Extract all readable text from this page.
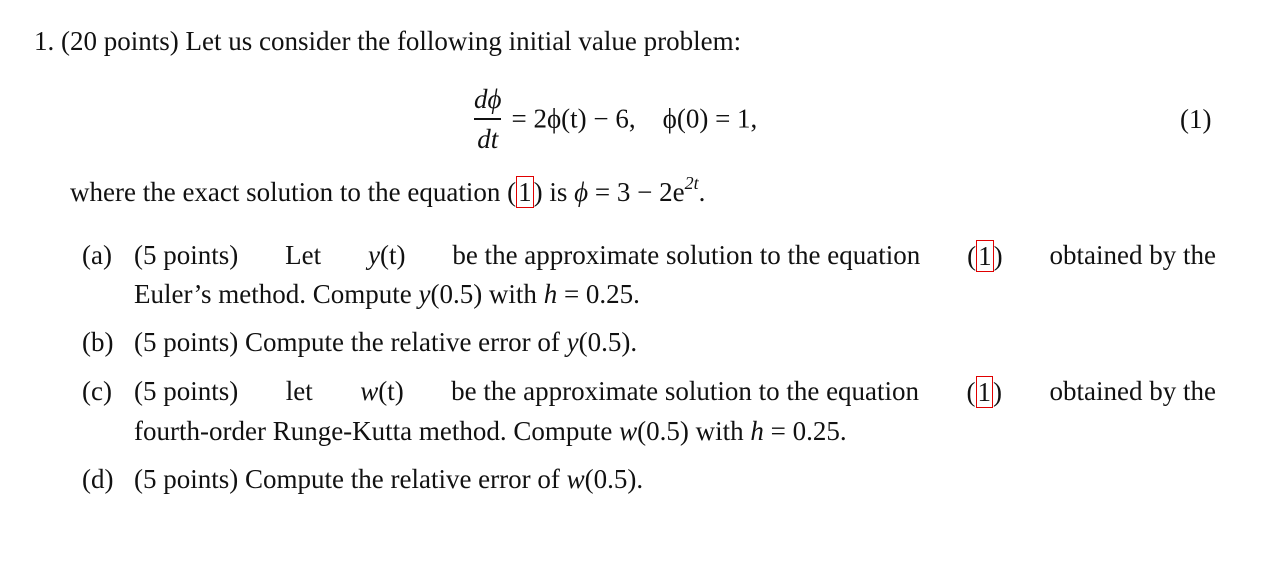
1. (20 points) Let us consider the following initial value problem:
$\frac{d\phi}{dt} = 2\phi(t) - 6$,    ϕ(0) = 1,	(1)
where the exact solution to the equation (1) is $\phi = 3 - 2e^{2t}$.
(a) (5 points) Let y(t) be the approximate solution to the equation (1) obtained by the
Euler’s method. Compute y(0.5) with h = 0.25.
(b) (5 points) Compute the relative error of y(0.5).
(c) (5 points) let w(t) be the approximate solution to the equation (1) obtained by the
fourth-order Runge-Kutta method. Compute w(0.5) with h = 0.25.
(d) (5 points) Compute the relative error of w(0.5).
